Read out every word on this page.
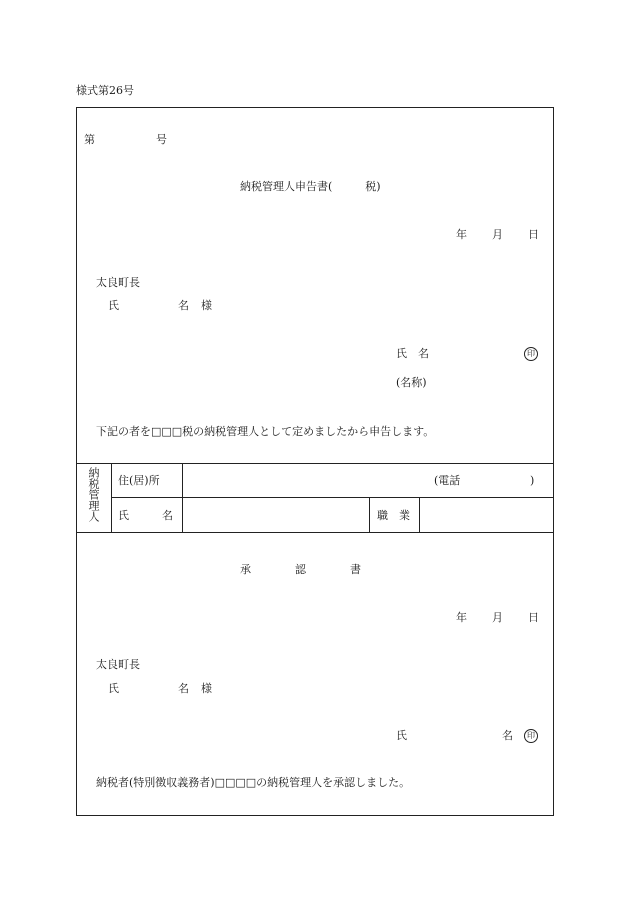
様式第26号
第	号
納税管理人申告書(　　　税)
年 月 日
太良町長
氏	名 様
氏　名	印
(名称)
下記の者を□□□税の納税管理人として定めましたから申告します。
納税管理人 住(居)所	(電話	)
氏　　　名	職　業
承　　　　認　　　　書
年 月 日
太良町長
氏	名 様
氏	名	印
納税者(特別徴収義務者)□□□□の納税管理人を承認しました。
